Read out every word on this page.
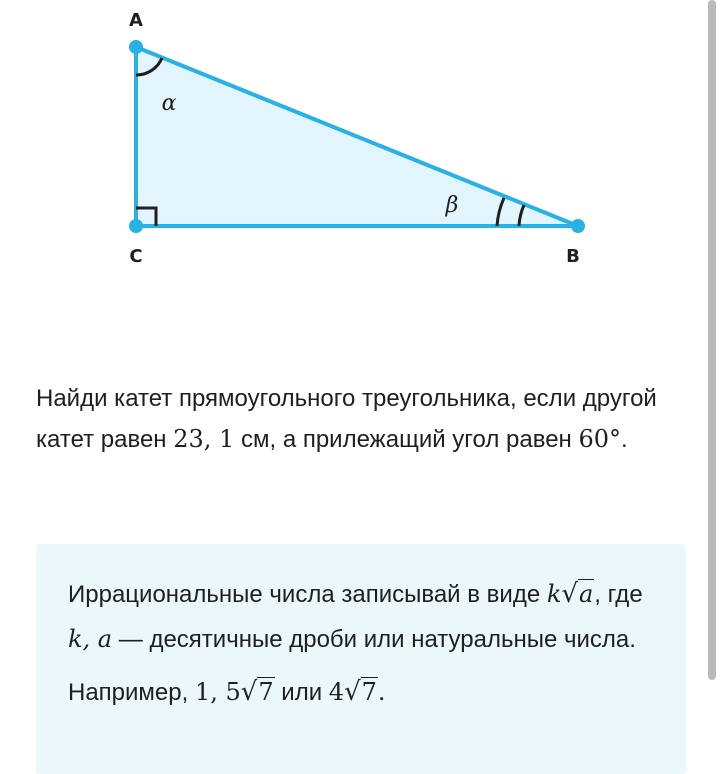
A
C	B
α
β
Найди катет прямоугольного треугольника, если другой катет равен 23, 1 см, а прилежащий угол равен 60°.
Иррациональные числа записывай в виде k√a, где k, a — десятичные дроби или натуральные числа.
Например, 1, 5√7 или 4√7.
